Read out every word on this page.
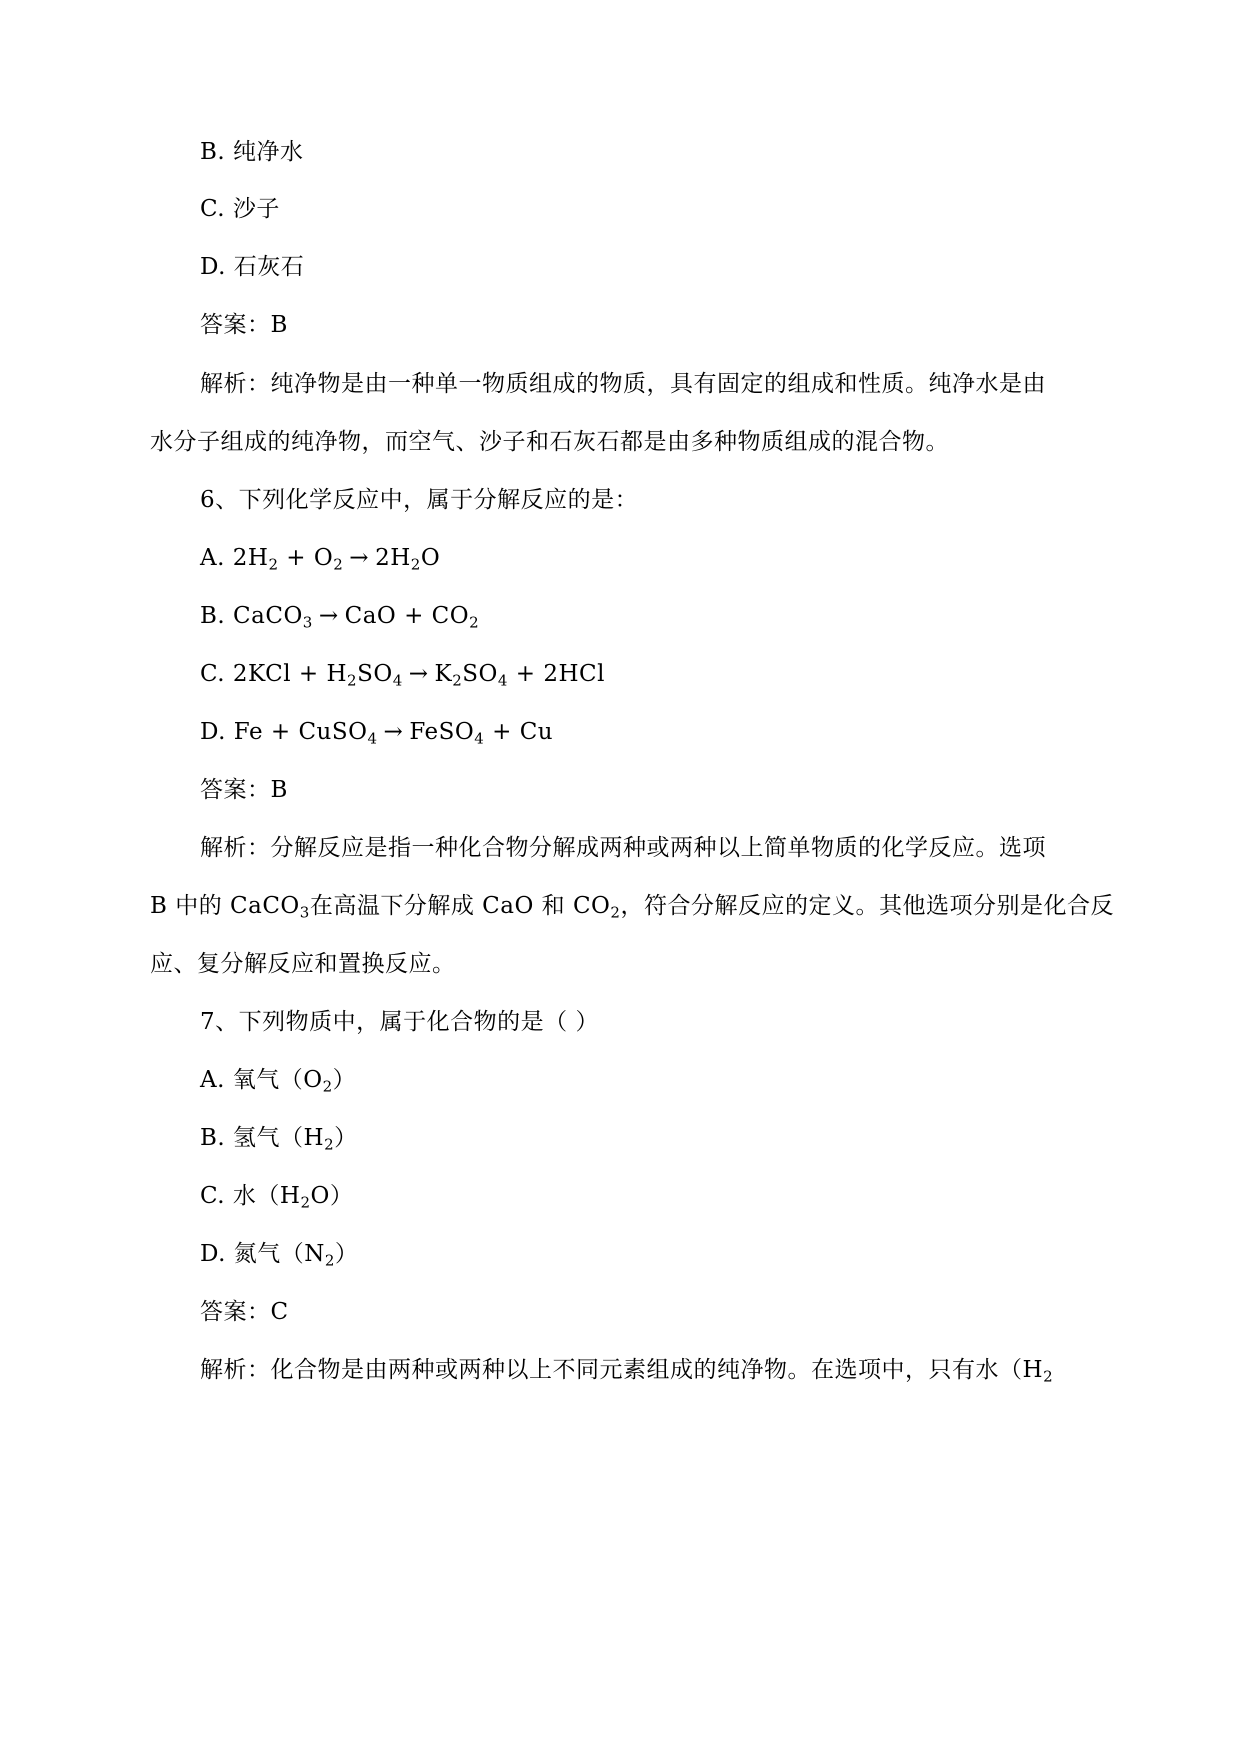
B. 纯净水
C. 沙子
D. 石灰石
答案：B
解析：纯净物是由一种单一物质组成的物质，具有固定的组成和性质。纯净水是由
水分子组成的纯净物，而空气、沙子和石灰石都是由多种物质组成的混合物。
6、下列化学反应中，属于分解反应的是：
A. $2H_2 + O_2\to 2H_2O$
B. CaCO$_3$→CaO + $CO_2$
C. $2KCl + H_2SO_4\to K_2SO_4 + 2HCl$
D. Fe + CuSO$_4$→FeSO$_4$ + Cu
答案：B
解析：分解反应是指一种化合物分解成两种或两种以上简单物质的化学反应。选项
B 中的 CaCO$_3$在高温下分解成 CaO 和 $CO_2$，符合分解反应的定义。其他选项分别是化合反
应、复分解反应和置换反应。
7、下列物质中，属于化合物的是（ ）
A. 氧气$(O_2)$
B. 氢气$(H_2)$
C. 水$(H_2O)$
D. 氮气$(N_2)$
答案：C
解析：化合物是由两种或两种以上不同元素组成的纯净物。在选项中，只有水（$H_2$
